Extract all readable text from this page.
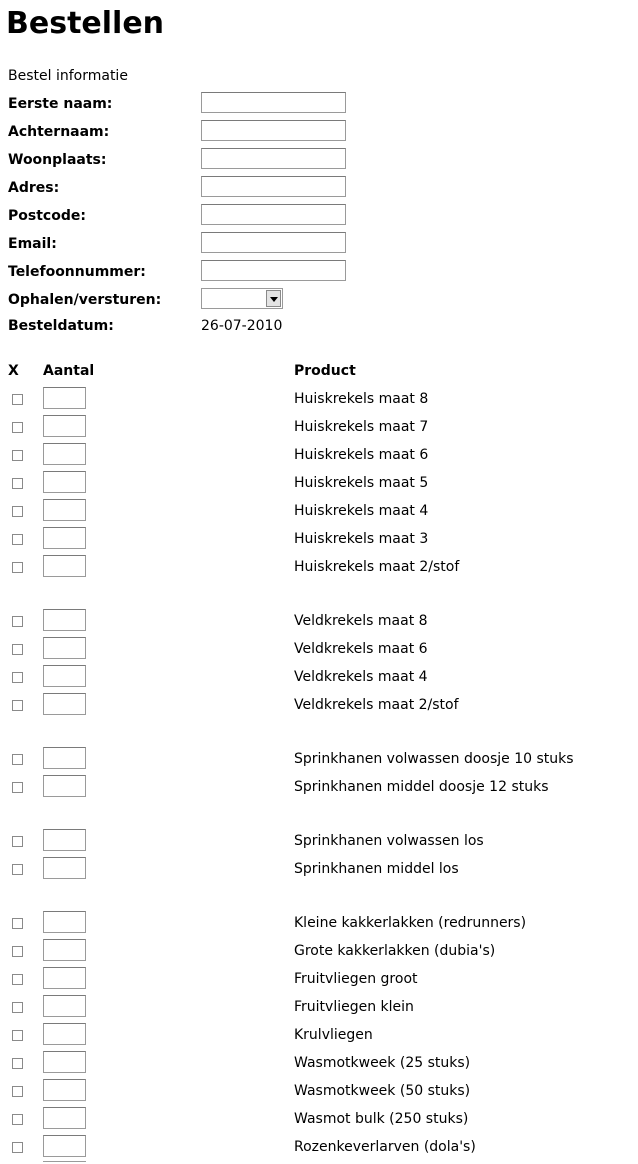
Bestellen
Bestel informatie
Eerste naam:
Achternaam:
Woonplaats:
Adres:
Postcode:
Email:
Telefoonnummer:
Ophalen/versturen:
Besteldatum:	26-07-2010
X Aantal	Product
Huiskrekels maat 8
Huiskrekels maat 7
Huiskrekels maat 6
Huiskrekels maat 5
Huiskrekels maat 4
Huiskrekels maat 3
Huiskrekels maat 2/stof
Veldkrekels maat 8
Veldkrekels maat 6
Veldkrekels maat 4
Veldkrekels maat 2/stof
Sprinkhanen volwassen doosje 10 stuks
Sprinkhanen middel doosje 12 stuks
Sprinkhanen volwassen los
Sprinkhanen middel los
Kleine kakkerlakken (redrunners)
Grote kakkerlakken (dubia's)
Fruitvliegen groot
Fruitvliegen klein
Krulvliegen
Wasmotkweek (25 stuks)
Wasmotkweek (50 stuks)
Wasmot bulk (250 stuks)
Rozenkeverlarven (dola's)
